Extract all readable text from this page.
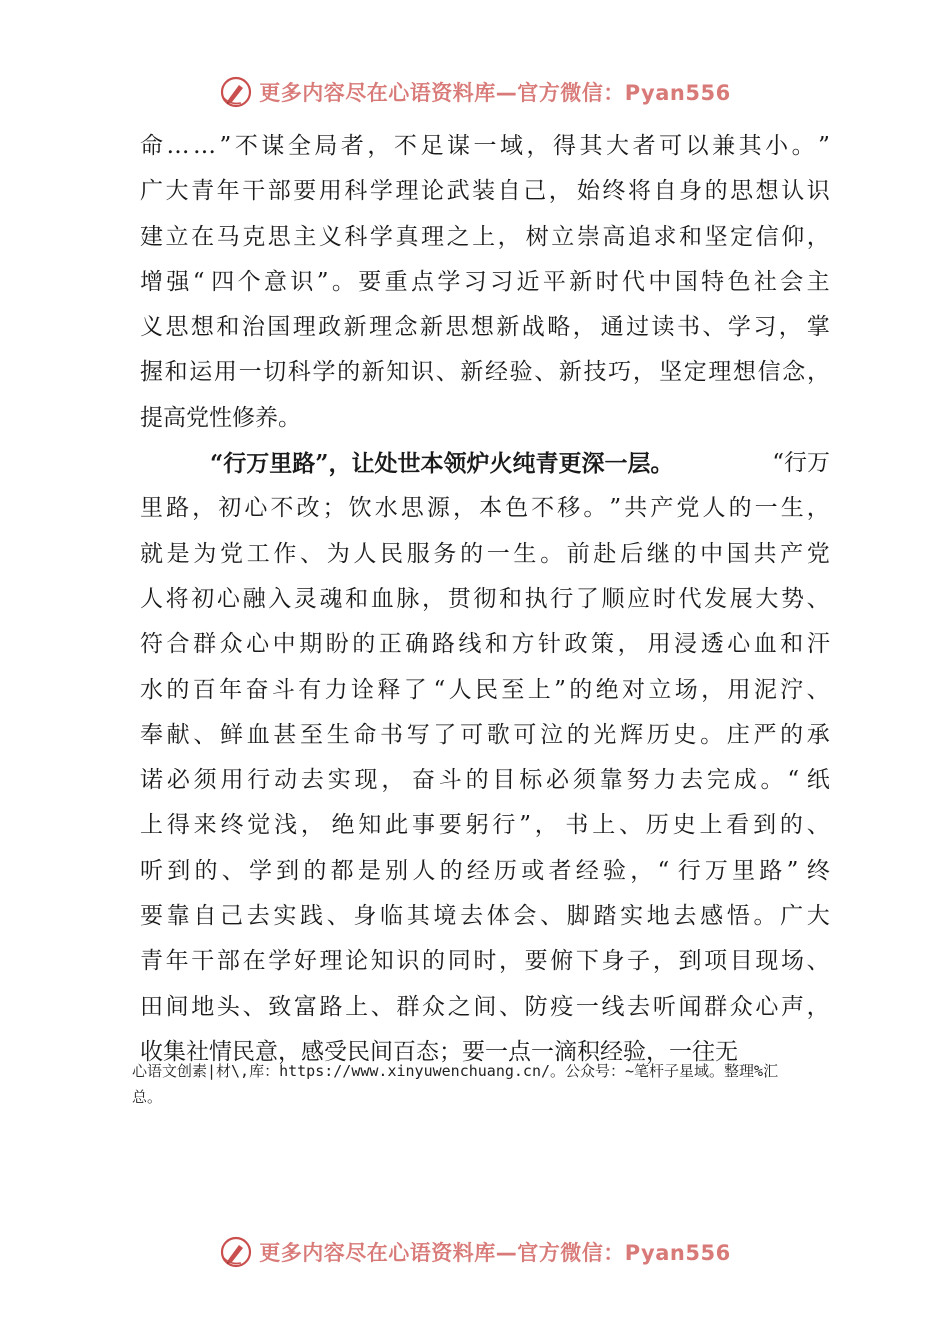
更多内容尽在心语资料库—官方微信：Pyan556
命 … … ” 不 谋 全 局 者 ， 不 足 谋 一 域 ， 得 其 大 者 可 以 兼 其 小 。 ”
广 大 青 年 干 部 要 用 科 学 理 论 武 装 自 己 ， 始 终 将 自 身 的 思 想 认 识
建 立 在 马 克 思 主 义 科 学 真 理 之 上 ， 树 立 崇 高 追 求 和 坚 定 信 仰 ，
增 强 “ 四 个 意 识 ” 。 要 重 点 学 习 习 近 平 新 时 代 中 国 特 色 社 会 主
义 思 想 和 治 国 理 政 新 理 念 新 思 想 新 战 略 ， 通 过 读 书 、 学 习 ， 掌
握 和 运 用 一 切 科 学 的 新 知 识 、 新 经 验 、 新 技 巧 ， 坚 定 理 想 信 念 ，
提高党性修养。
“行万里路”，让处世本领炉火纯青更深一层。	“行万
里 路 ， 初 心 不 改 ； 饮 水 思 源 ， 本 色 不 移 。 ” 共 产 党 人 的 一 生 ，
就 是 为 党 工 作 、 为 人 民 服 务 的 一 生 。 前 赴 后 继 的 中 国 共 产 党
人 将 初 心 融 入 灵 魂 和 血 脉 ， 贯 彻 和 执 行 了 顺 应 时 代 发 展 大 势 、
符 合 群 众 心 中 期 盼 的 正 确 路 线 和 方 针 政 策 ， 用 浸 透 心 血 和 汗
水 的 百 年 奋 斗 有 力 诠 释 了 “ 人 民 至 上 ” 的 绝 对 立 场 ， 用 泥 泞 、
奉 献 、 鲜 血 甚 至 生 命 书 写 了 可 歌 可 泣 的 光 辉 历 史 。 庄 严 的 承
诺 必 须 用 行 动 去 实 现 ， 奋 斗 的 目 标 必 须 靠 努 力 去 完 成 。 “ 纸
上 得 来 终 觉 浅 ， 绝 知 此 事 要 躬 行 ” ， 书 上 、 历 史 上 看 到 的 、
听 到 的 、 学 到 的 都 是 别 人 的 经 历 或 者 经 验 ， “ 行 万 里 路 ” 终
要 靠 自 己 去 实 践 、 身 临 其 境 去 体 会 、 脚 踏 实 地 去 感 悟 。 广 大
青 年 干 部 在 学 好 理 论 知 识 的 同 时 ， 要 俯 下 身 子 ， 到 项 目 现 场 、
田 间 地 头 、 致 富 路 上 、 群 众 之 间 、 防 疫 一 线 去 听 闻 群 众 心 声 ，
收集社情民意，感受民间百态；要一点一滴积经验，一往无
心语文创素|材\,库：https://www.xinyuwenchuang.cn/。公众号：~笔杆子星域。整理%汇
总。
更多内容尽在心语资料库—官方微信：Pyan556
